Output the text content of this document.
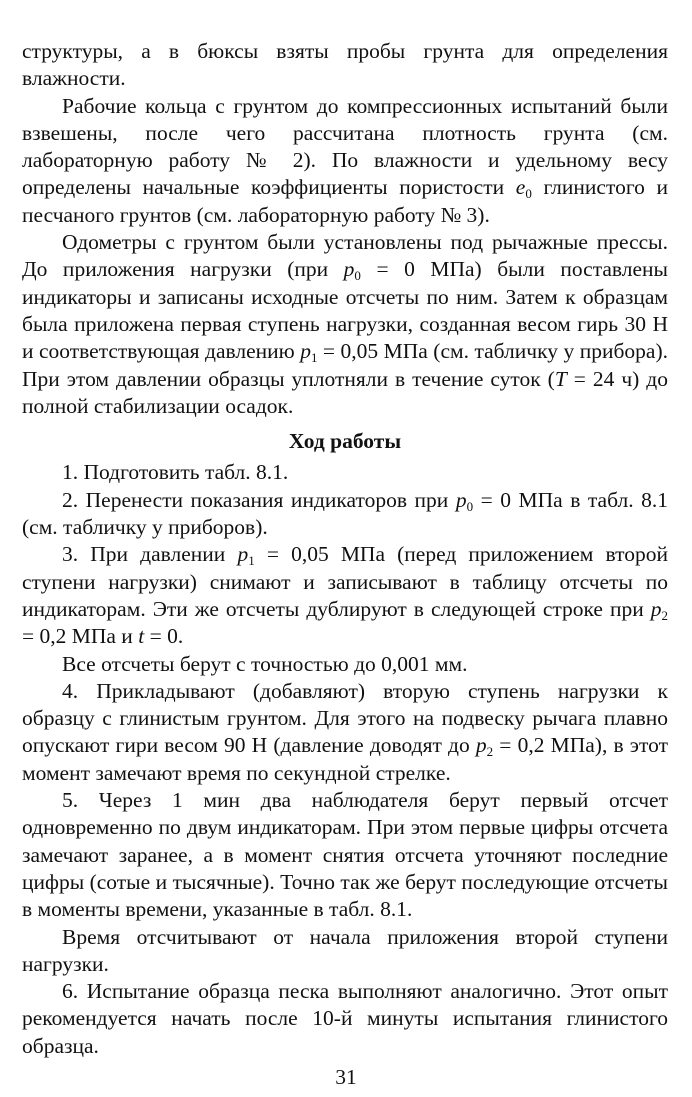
структуры, а в бюксы взяты пробы грунта для определения влажности.

Рабочие кольца с грунтом до компрессионных испытаний были взвешены, после чего рассчитана плотность грунта (см. лабораторную работу № 2). По влажности и удельному весу определены начальные коэффициенты пористости $e_0$ глинистого и песчаного грунтов (см. лабораторную работу № 3).

Одометры с грунтом были установлены под рычажные прессы. До приложения нагрузки (при $p_0 = 0$ МПа) были поставлены индикаторы и записаны исходные отсчеты по ним. Затем к образцам была приложена первая ступень нагрузки, созданная весом гирь 30 Н и соответствующая давлению $p_1 = 0,05$ МПа (см. табличку у прибора). При этом давлении образцы уплотняли в течение суток (T = 24 ч) до полной стабилизации осадок.

Ход работы

1. Подготовить табл. 8.1.

2. Перенести показания индикаторов при $p_0 = 0$ МПа в табл. 8.1 (см. табличку у приборов).

3. При давлении $p_1 = 0,05$ МПа (перед приложением второй ступени нагрузки) снимают и записывают в таблицу отсчеты по индикаторам. Эти же отсчеты дублируют в следующей строке при $p_2 = 0,2$ МПа и t = 0.

Все отсчеты берут с точностью до 0,001 мм.

4. Прикладывают (добавляют) вторую ступень нагрузки к образцу с глинистым грунтом. Для этого на подвеску рычага плавно опускают гири весом 90 Н (давление доводят до $p_2 = 0,2$ МПа), в этот момент замечают время по секундной стрелке.

5. Через 1 мин два наблюдателя берут первый отсчет одновременно по двум индикаторам. При этом первые цифры отсчета замечают заранее, а в момент снятия отсчета уточняют последние цифры (сотые и тысячные). Точно так же берут последующие отсчеты в моменты времени, указанные в табл. 8.1.

Время отсчитывают от начала приложения второй ступени нагрузки.

6. Испытание образца песка выполняют аналогично. Этот опыт рекомендуется начать после 10-й минуты испытания глинистого образца.

31
